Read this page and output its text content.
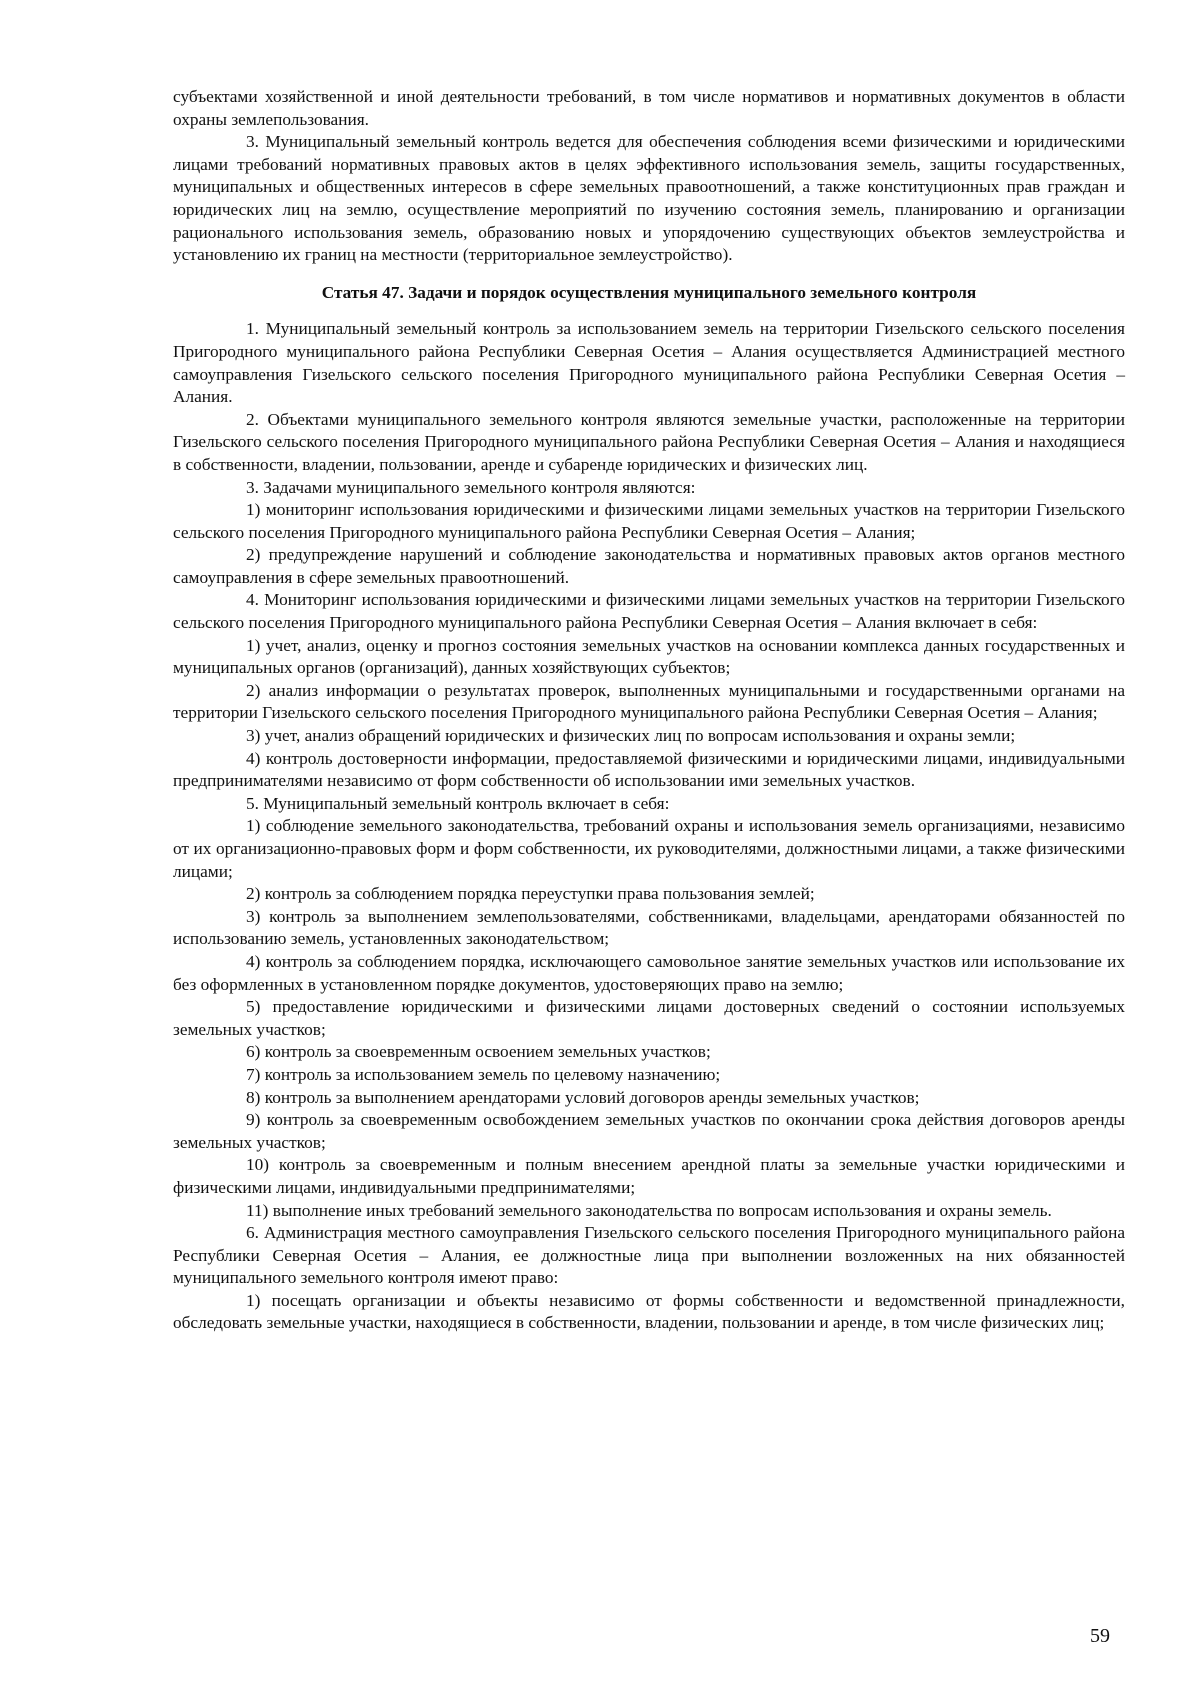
субъектами хозяйственной и иной деятельности требований, в том числе нормативов и нормативных документов в области охраны землепользования.

3. Муниципальный земельный контроль ведется для обеспечения соблюдения всеми физическими и юридическими лицами требований нормативных правовых актов в целях эффективного использования земель, защиты государственных, муниципальных и общественных интересов в сфере земельных правоотношений, а также конституционных прав граждан и юридических лиц на землю, осуществление мероприятий по изучению состояния земель, планированию и организации рационального использования земель, образованию новых и упорядочению существующих объектов землеустройства и установлению их границ на местности (территориальное землеустройство).

Статья 47. Задачи и порядок осуществления муниципального земельного контроля

1. Муниципальный земельный контроль за использованием земель на территории Гизельского сельского поселения Пригородного муниципального района Республики Северная Осетия – Алания осуществляется Администрацией местного самоуправления Гизельского сельского поселения Пригородного муниципального района Республики Северная Осетия – Алания.

2. Объектами муниципального земельного контроля являются земельные участки, расположенные на территории Гизельского сельского поселения Пригородного муниципального района Республики Северная Осетия – Алания и находящиеся в собственности, владении, пользовании, аренде и субаренде юридических и физических лиц.

3. Задачами муниципального земельного контроля являются:

1) мониторинг использования юридическими и физическими лицами земельных участков на территории Гизельского сельского поселения Пригородного муниципального района Республики Северная Осетия – Алания;

2) предупреждение нарушений и соблюдение законодательства и нормативных правовых актов органов местного самоуправления в сфере земельных правоотношений.

4. Мониторинг использования юридическими и физическими лицами земельных участков на территории Гизельского сельского поселения Пригородного муниципального района Республики Северная Осетия – Алания включает в себя:

1) учет, анализ, оценку и прогноз состояния земельных участков на основании комплекса данных государственных и муниципальных органов (организаций), данных хозяйствующих субъектов;

2) анализ информации о результатах проверок, выполненных муниципальными и государственными органами на территории Гизельского сельского поселения Пригородного муниципального района Республики Северная Осетия – Алания;

3) учет, анализ обращений юридических и физических лиц по вопросам использования и охраны земли;

4) контроль достоверности информации, предоставляемой физическими и юридическими лицами, индивидуальными предпринимателями независимо от форм собственности об использовании ими земельных участков.

5. Муниципальный земельный контроль включает в себя:

1) соблюдение земельного законодательства, требований охраны и использования земель организациями, независимо от их организационно-правовых форм и форм собственности, их руководителями, должностными лицами, а также физическими лицами;

2) контроль за соблюдением порядка переуступки права пользования землей;

3) контроль за выполнением землепользователями, собственниками, владельцами, арендаторами обязанностей по использованию земель, установленных законодательством;

4) контроль за соблюдением порядка, исключающего самовольное занятие земельных участков или использование их без оформленных в установленном порядке документов, удостоверяющих право на землю;

5) предоставление юридическими и физическими лицами достоверных сведений о состоянии используемых земельных участков;

6) контроль за своевременным освоением земельных участков;

7) контроль за использованием земель по целевому назначению;

8) контроль за выполнением арендаторами условий договоров аренды земельных участков;

9) контроль за своевременным освобождением земельных участков по окончании срока действия договоров аренды земельных участков;

10) контроль за своевременным и полным внесением арендной платы за земельные участки юридическими и физическими лицами, индивидуальными предпринимателями;

11) выполнение иных требований земельного законодательства по вопросам использования и охраны земель.

6. Администрация местного самоуправления Гизельского сельского поселения Пригородного муниципального района Республики Северная Осетия – Алания, ее должностные лица при выполнении возложенных на них обязанностей муниципального земельного контроля имеют право:

1) посещать организации и объекты независимо от формы собственности и ведомственной принадлежности, обследовать земельные участки, находящиеся в собственности, владении, пользовании и аренде, в том числе физических лиц;

59
